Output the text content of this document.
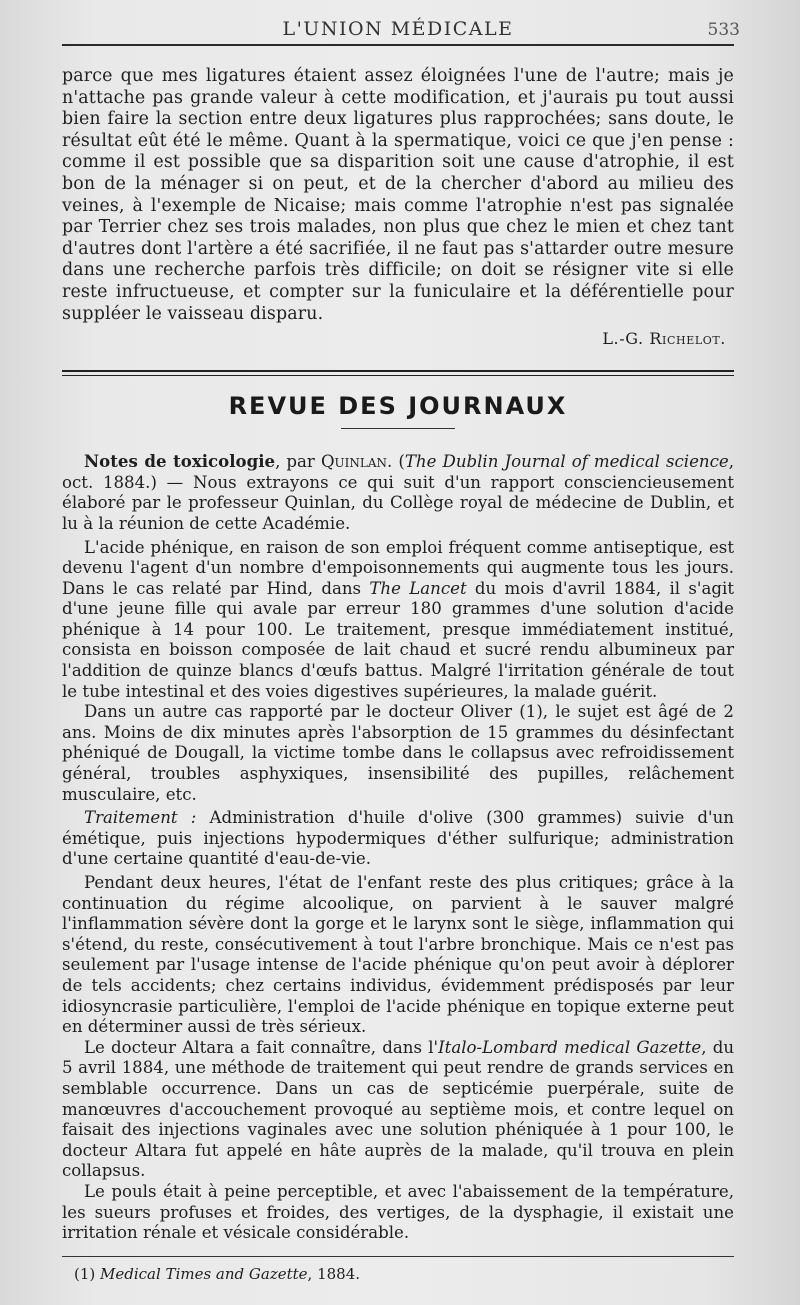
L'UNION MÉDICALE	533

parce que mes ligatures étaient assez éloignées l'une de l'autre; mais je n'attache pas grande valeur à cette modification, et j'aurais pu tout aussi bien faire la section entre deux ligatures plus rapprochées; sans doute, le résultat eût été le même. Quant à la spermatique, voici ce que j'en pense : comme il est possible que sa disparition soit une cause d'atrophie, il est bon de la ménager si on peut, et de la chercher d'abord au milieu des veines, à l'exemple de Nicaise; mais comme l'atrophie n'est pas signalée par Terrier chez ses trois malades, non plus que chez le mien et chez tant d'autres dont l'artère a été sacrifiée, il ne faut pas s'attarder outre mesure dans une recherche parfois très difficile; on doit se résigner vite si elle reste infructueuse, et compter sur la funiculaire et la déférentielle pour suppléer le vaisseau disparu.

L.-G. Richelot.

REVUE DES JOURNAUX

Notes de toxicologie, par Quinlan. (The Dublin Journal of medical science, oct. 1884.) — Nous extrayons ce qui suit d'un rapport consciencieusement élaboré par le professeur Quinlan, du Collège royal de médecine de Dublin, et lu à la réunion de cette Académie.

L'acide phénique, en raison de son emploi fréquent comme antiseptique, est devenu l'agent d'un nombre d'empoisonnements qui augmente tous les jours. Dans le cas relaté par Hind, dans The Lancet du mois d'avril 1884, il s'agit d'une jeune fille qui avale par erreur 180 grammes d'une solution d'acide phénique à 14 pour 100. Le traitement, presque immédiatement institué, consista en boisson composée de lait chaud et sucré rendu albumineux par l'addition de quinze blancs d'œufs battus. Malgré l'irritation générale de tout le tube intestinal et des voies digestives supérieures, la malade guérit.

Dans un autre cas rapporté par le docteur Oliver (1), le sujet est âgé de 2 ans. Moins de dix minutes après l'absorption de 15 grammes du désinfectant phéniqué de Dougall, la victime tombe dans le collapsus avec refroidissement général, troubles asphyxiques, insensibilité des pupilles, relâchement musculaire, etc.

Traitement : Administration d'huile d'olive (300 grammes) suivie d'un émétique, puis injections hypodermiques d'éther sulfurique; administration d'une certaine quantité d'eau-de-vie.

Pendant deux heures, l'état de l'enfant reste des plus critiques; grâce à la continuation du régime alcoolique, on parvient à le sauver malgré l'inflammation sévère dont la gorge et le larynx sont le siège, inflammation qui s'étend, du reste, consécutivement à tout l'arbre bronchique. Mais ce n'est pas seulement par l'usage intense de l'acide phénique qu'on peut avoir à déplorer de tels accidents; chez certains individus, évidemment prédisposés par leur idiosyncrasie particulière, l'emploi de l'acide phénique en topique externe peut en déterminer aussi de très sérieux.

Le docteur Altara a fait connaître, dans l'Italo-Lombard medical Gazette, du 5 avril 1884, une méthode de traitement qui peut rendre de grands services en semblable occurrence. Dans un cas de septicémie puerpérale, suite de manœuvres d'accouchement provoqué au septième mois, et contre lequel on faisait des injections vaginales avec une solution phéniquée à 1 pour 100, le docteur Altara fut appelé en hâte auprès de la malade, qu'il trouva en plein collapsus.

Le pouls était à peine perceptible, et avec l'abaissement de la température, les sueurs profuses et froides, des vertiges, de la dysphagie, il existait une irritation rénale et vésicale considérable.

(1) Medical Times and Gazette, 1884.
